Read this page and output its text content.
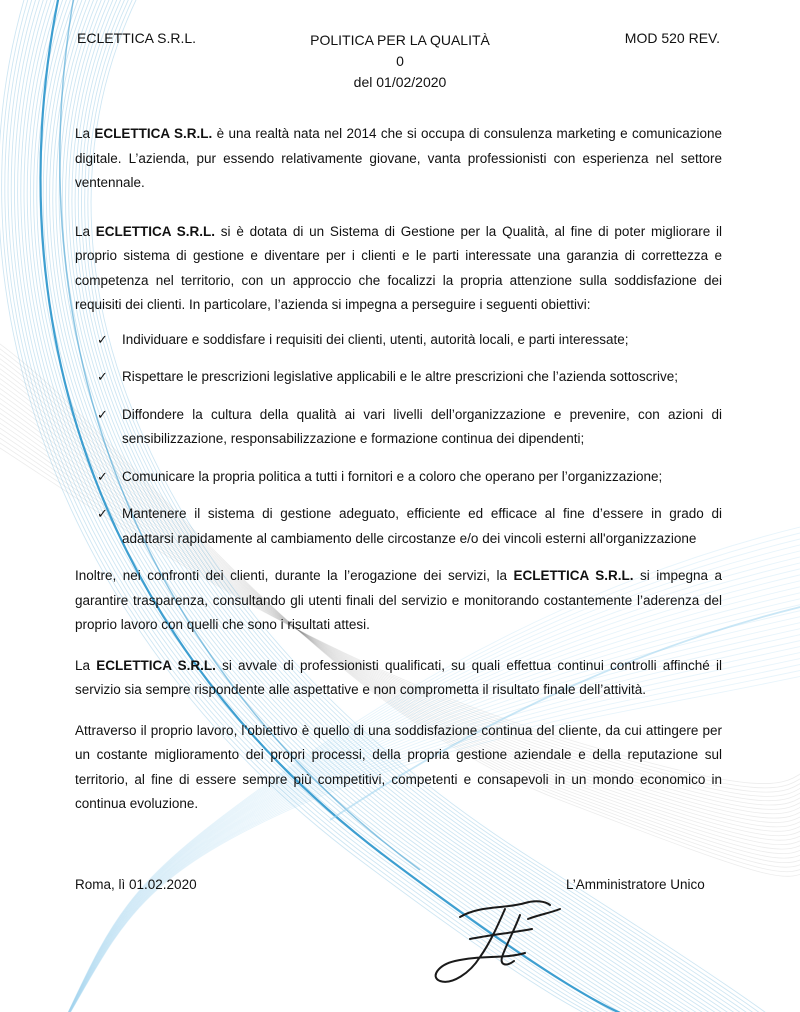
ECLETTICA S.R.L.	POLITICA PER LA QUALITÀ
0
del 01/02/2020
MOD 520 REV.

La ECLETTICA S.R.L. è una realtà nata nel 2014 che si occupa di consulenza marketing e comunicazione digitale. L’azienda, pur essendo relativamente giovane, vanta professionisti con esperienza nel settore ventennale.

La ECLETTICA S.R.L. si è dotata di un Sistema di Gestione per la Qualità, al fine di poter migliorare il proprio sistema di gestione e diventare per i clienti e le parti interessate una garanzia di correttezza e competenza nel territorio, con un approccio che focalizzi la propria attenzione sulla soddisfazione dei requisiti dei clienti. In particolare, l’azienda si impegna a perseguire i seguenti obiettivi:

✓ Individuare e soddisfare i requisiti dei clienti, utenti, autorità locali, e parti interessate;
✓ Rispettare le prescrizioni legislative applicabili e le altre prescrizioni che l’azienda sottoscrive;
✓ Diffondere la cultura della qualità ai vari livelli dell’organizzazione e prevenire, con azioni di sensibilizzazione, responsabilizzazione e formazione continua dei dipendenti;
✓ Comunicare la propria politica a tutti i fornitori e a coloro che operano per l’organizzazione;
✓ Mantenere il sistema di gestione adeguato, efficiente ed efficace al fine d’essere in grado di adattarsi rapidamente al cambiamento delle circostanze e/o dei vincoli esterni all'organizzazione

Inoltre, nei confronti dei clienti, durante la l’erogazione dei servizi, la ECLETTICA S.R.L. si impegna a garantire trasparenza, consultando gli utenti finali del servizio e monitorando costantemente l’aderenza del proprio lavoro con quelli che sono i risultati attesi.

La ECLETTICA S.R.L. si avvale di professionisti qualificati, su quali effettua continui controlli affinché il servizio sia sempre rispondente alle aspettative e non comprometta il risultato finale dell’attività.

Attraverso il proprio lavoro, l’obiettivo è quello di una soddisfazione continua del cliente, da cui attingere per un costante miglioramento dei propri processi, della propria gestione aziendale e della reputazione sul territorio, al fine di essere sempre più competitivi, competenti e consapevoli in un mondo economico in continua evoluzione.

Roma, lì 01.02.2020	L’Amministratore Unico
